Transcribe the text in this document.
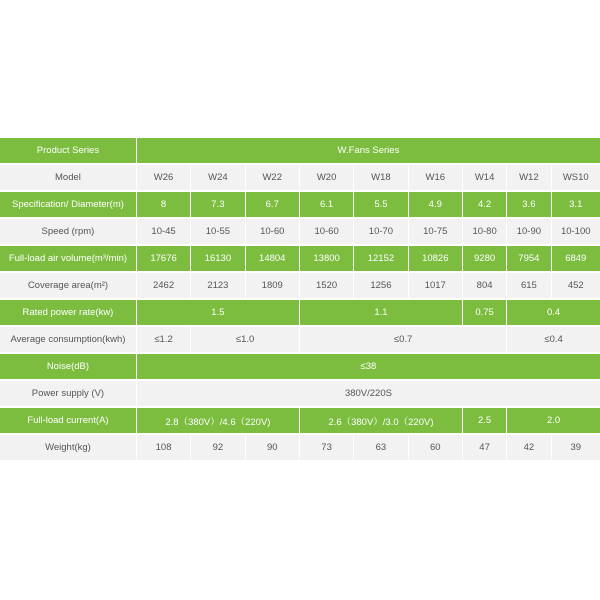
Product Series	W.Fans Series								
Model	W26	W24	W22	W20	W18	W16	W14	W12	WS10
Specification/ Diameter(m)	8	7.3	6.7	6.1	5.5	4.9	4.2	3.6	3.1
Speed (rpm)	10-45	10-55	10-60	10-60	10-70	10-75	10-80	10-90	10-100
Full-load air volume(m³/min)	17676	16130	14804	13800	12152	10826	9280	7954	6849
Coverage area(m²)	2462	2123	1809	1520	1256	1017	804	615	452
Rated power rate(kw)	1.5			1.1			0.75	0.4	
Average consumption(kwh)	≤1.2	≤1.0		≤0.7				≤0.4	
Noise(dB)	≤38								
Power supply (V)	380V/220S								
Full-load current(A)	2.8（380V）/4.6（220V)			2.6（380V）/3.0（220V)			2.5	2.0	
Weight(kg)	108	92	90	73	63	60	47	42	39
